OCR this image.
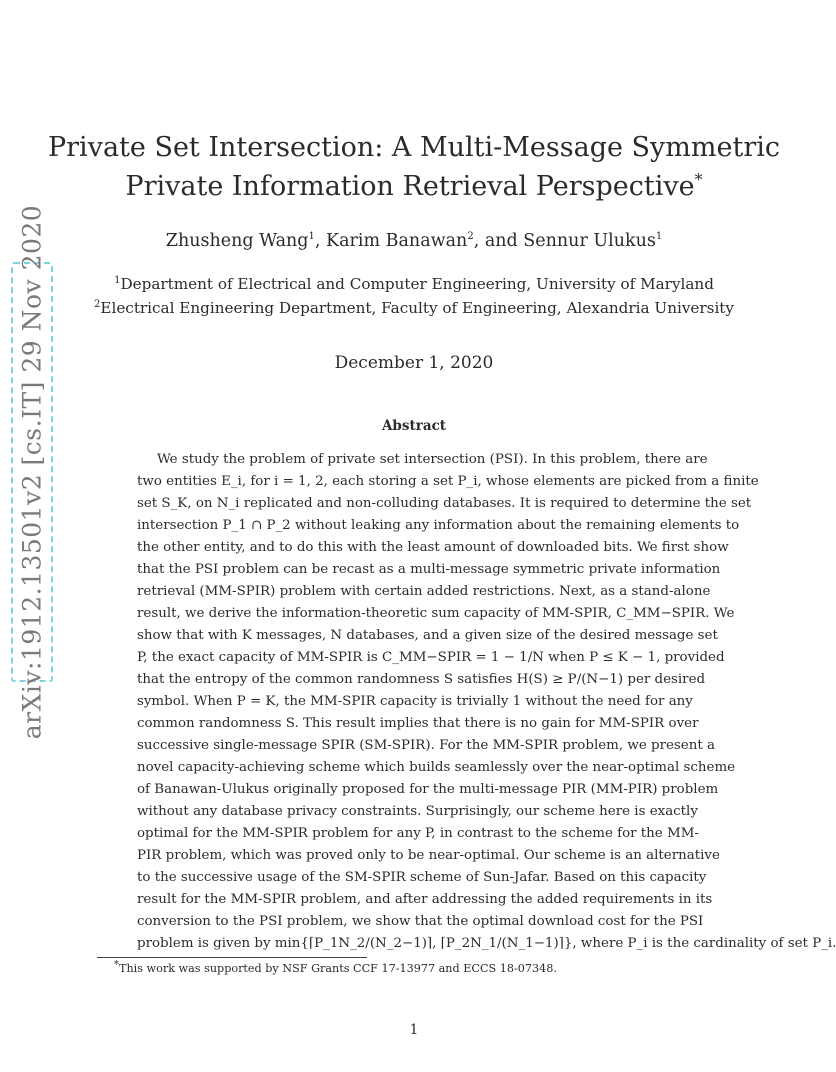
arXiv:1912.13501v2 [cs.IT] 29 Nov 2020
Private Set Intersection: A Multi-Message Symmetric
Private Information Retrieval Perspective*
Zhusheng Wang$^1$, Karim Banawan$^2$, and Sennur Ulukus$^1$
$^1$Department of Electrical and Computer Engineering, University of Maryland
$^2$Electrical Engineering Department, Faculty of Engineering, Alexandria University
December 1, 2020
Abstract
We study the problem of private set intersection (PSI). In this problem, there are
two entities E_i, for i = 1, 2, each storing a set P_i, whose elements are picked from a finite
set S_K, on N_i replicated and non-colluding databases. It is required to determine the set
intersection P_1 ∩ P_2 without leaking any information about the remaining elements to
the other entity, and to do this with the least amount of downloaded bits. We first show
that the PSI problem can be recast as a multi-message symmetric private information
retrieval (MM-SPIR) problem with certain added restrictions. Next, as a stand-alone
result, we derive the information-theoretic sum capacity of MM-SPIR, C_MM−SPIR. We
show that with K messages, N databases, and a given size of the desired message set
P, the exact capacity of MM-SPIR is C_MM−SPIR = 1 − 1/N when P ≤ K − 1, provided
that the entropy of the common randomness S satisfies H(S) ≥ P/(N−1) per desired
symbol. When P = K, the MM-SPIR capacity is trivially 1 without the need for any
common randomness S. This result implies that there is no gain for MM-SPIR over
successive single-message SPIR (SM-SPIR). For the MM-SPIR problem, we present a
novel capacity-achieving scheme which builds seamlessly over the near-optimal scheme
of Banawan-Ulukus originally proposed for the multi-message PIR (MM-PIR) problem
without any database privacy constraints. Surprisingly, our scheme here is exactly
optimal for the MM-SPIR problem for any P, in contrast to the scheme for the MM-
PIR problem, which was proved only to be near-optimal. Our scheme is an alternative
to the successive usage of the SM-SPIR scheme of Sun-Jafar. Based on this capacity
result for the MM-SPIR problem, and after addressing the added requirements in its
conversion to the PSI problem, we show that the optimal download cost for the PSI
problem is given by min{⌈P_1N_2/(N_2−1)⌉, ⌈P_2N_1/(N_1−1)⌉}, where P_i is the cardinality of set P_i.
*This work was supported by NSF Grants CCF 17-13977 and ECCS 18-07348.
1
